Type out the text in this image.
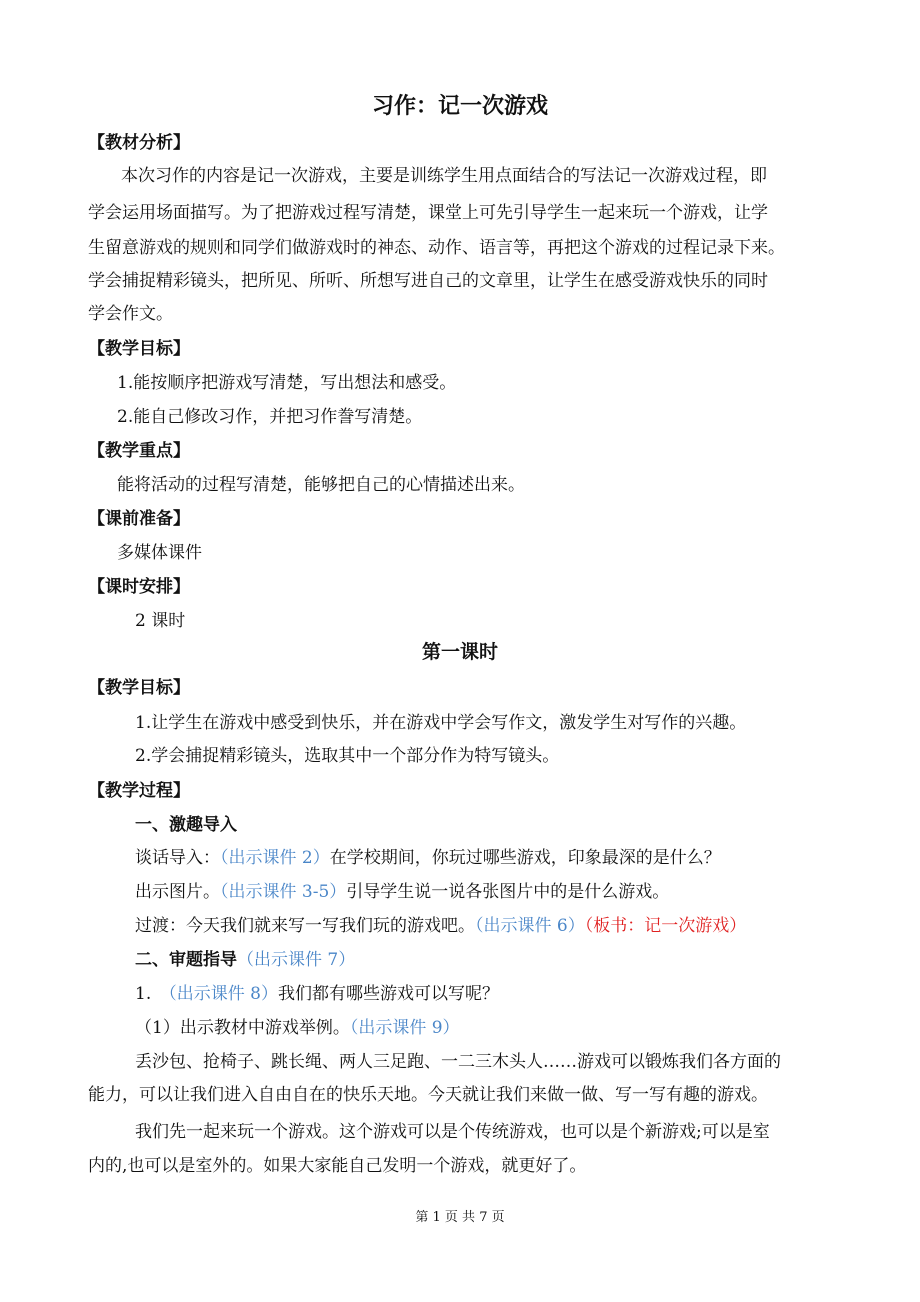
习作：记一次游戏
【教材分析】
本次习作的内容是记一次游戏，主要是训练学生用点面结合的写法记一次游戏过程，即
学会运用场面描写。为了把游戏过程写清楚，课堂上可先引导学生一起来玩一个游戏，让学
生留意游戏的规则和同学们做游戏时的神态、动作、语言等，再把这个游戏的过程记录下来。
学会捕捉精彩镜头，把所见、所听、所想写进自己的文章里，让学生在感受游戏快乐的同时
学会作文。
【教学目标】
1.能按顺序把游戏写清楚，写出想法和感受。
2.能自己修改习作，并把习作誊写清楚。
【教学重点】
能将活动的过程写清楚，能够把自己的心情描述出来。
【课前准备】
多媒体课件
【课时安排】
2 课时
第一课时
【教学目标】
1.让学生在游戏中感受到快乐，并在游戏中学会写作文，激发学生对写作的兴趣。
2.学会捕捉精彩镜头，选取其中一个部分作为特写镜头。
【教学过程】
一、激趣导入
谈话导入：（出示课件 2）在学校期间，你玩过哪些游戏，印象最深的是什么？
出示图片。（出示课件 3-5）引导学生说一说各张图片中的是什么游戏。
过渡：今天我们就来写一写我们玩的游戏吧。（出示课件 6）（板书：记一次游戏）
二、审题指导（出示课件 7）
1.　（出示课件 8）我们都有哪些游戏可以写呢？
（1）出示教材中游戏举例。（出示课件 9）
丢沙包、抢椅子、跳长绳、两人三足跑、一二三木头人……游戏可以锻炼我们各方面的
能力，可以让我们进入自由自在的快乐天地。今天就让我们来做一做、写一写有趣的游戏。
我们先一起来玩一个游戏。这个游戏可以是个传统游戏，也可以是个新游戏;可以是室
内的,也可以是室外的。如果大家能自己发明一个游戏，就更好了。
第 1 页 共 7 页
